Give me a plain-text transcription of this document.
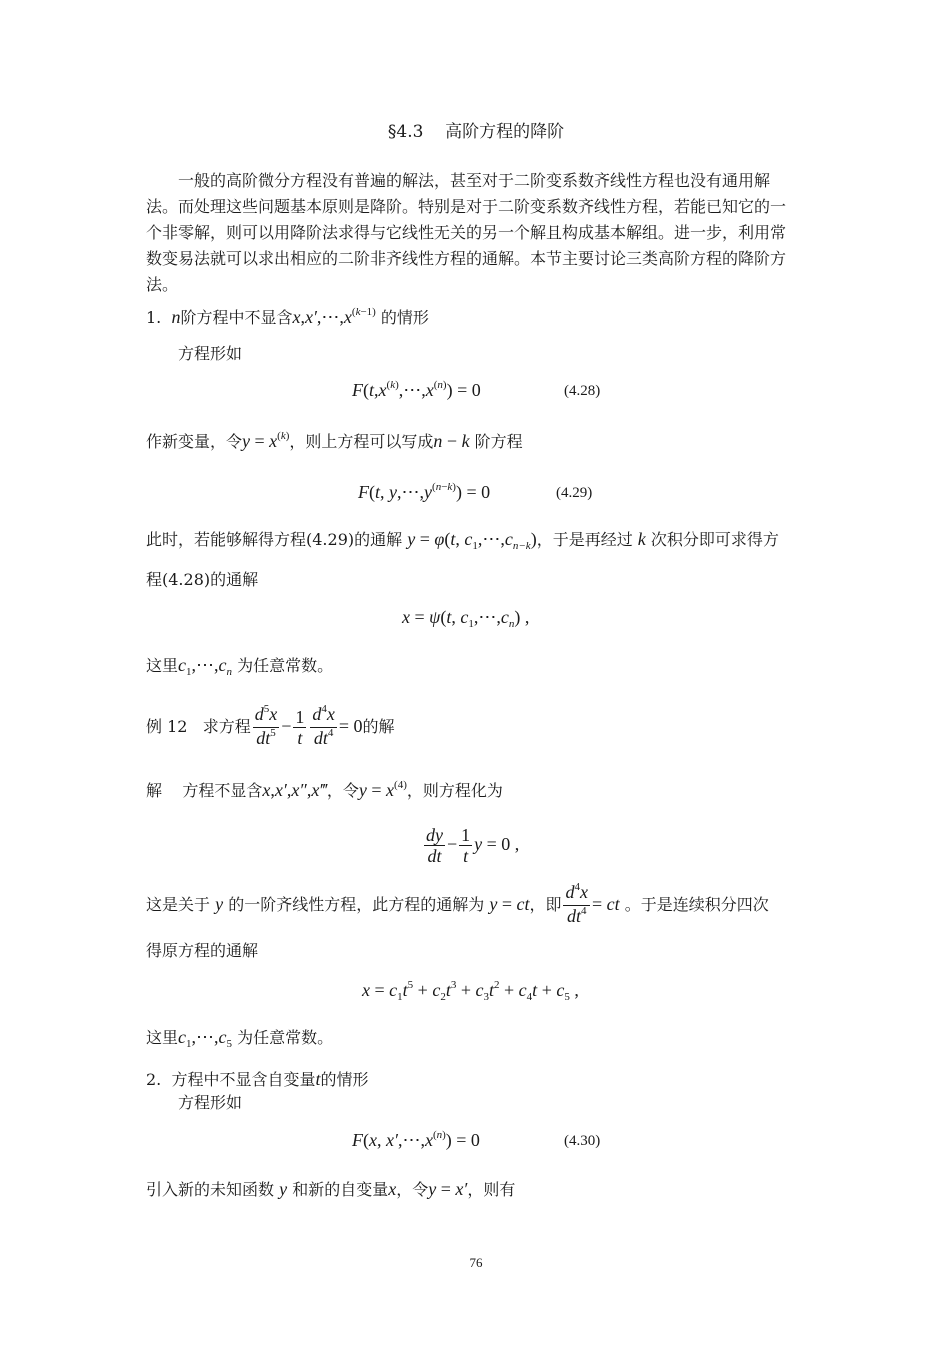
§4.3 高阶方程的降阶
一般的高阶微分方程没有普遍的解法，甚至对于二阶变系数齐线性方程也没有通用解
法。而处理这些问题基本原则是降阶。特别是对于二阶变系数齐线性方程，若能已知它的一
个非零解，则可以用降阶法求得与它线性无关的另一个解且构成基本解组。进一步，利用常
数变易法就可以求出相应的二阶非齐线性方程的通解。本节主要讨论三类高阶方程的降阶方
法。
1. n阶方程中不显含$x,x',\cdots,x^{(k-1)}$ 的情形
方程形如
$F(t,x^{(k)},\cdots,x^{(n)}) = 0$	(4.28)
作新变量，令$y = x^{(k)}$，则上方程可以写成n − k 阶方程
F(t, $y,\cdots,y^{(n-k)}) = 0$	(4.29)
此时，若能够解得方程(4.29)的通解 y = φ(t, $c_1,\cdots,c_{n-k}$)，于是再经过 k 次积分即可求得方
程(4.28)的通解
x = ψ(t, $c_1,\cdots,c_n$) ,
这里$c_1,\cdots,c_n$ 为任意常数。
例 12 求方程 $\frac{d^5x}{dt^5} - \frac{1}{t} \frac{d^4x}{dt^4} = 0$的解
解 方程不显含x,x′,x″,x‴，令$y = x^{(4)}$，则方程化为
$\frac{dy}{dt} - \frac{1}{t}$ y = 0 ,
这是关于 y 的一阶齐线性方程，此方程的通解为 y = ct，即 $\frac{d^4x}{dt^4}$ = ct 。于是连续积分四次
得原方程的通解
$x = c_1t^5 + c_2t^3 + c_3t^2 + c_4t + c_5$ ,
这里$c_1,\cdots,c_5$ 为任意常数。
2. 方程中不显含自变量t的情形
方程形如
F(x, $x',\cdots,x^{(n)}) = 0$	(4.30)
引入新的未知函数 y 和新的自变量x，令y = x′，则有
76
